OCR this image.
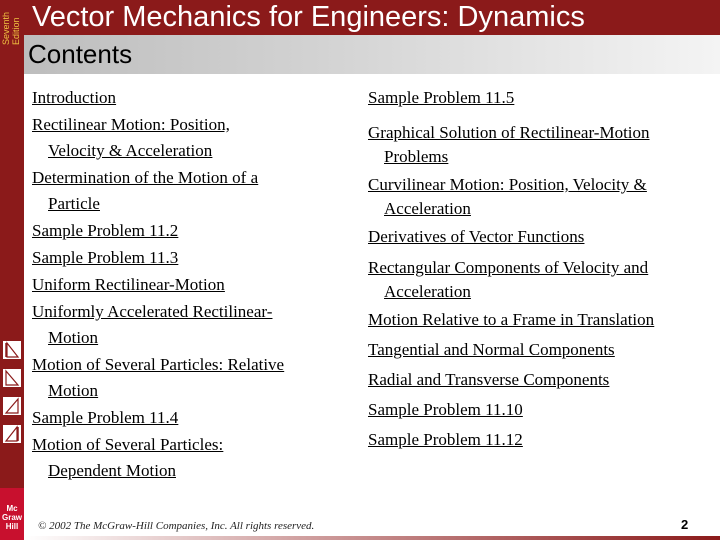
Seventh Edition Vector Mechanics for Engineers: Dynamics
Contents
Mc
Graw
Hill
Introduction
Rectilinear Motion: Position,
Velocity & Acceleration
Determination of the Motion of a
Particle
Sample Problem 11.2
Sample Problem 11.3
Uniform Rectilinear-Motion
Uniformly Accelerated Rectilinear-
Motion
Motion of Several Particles: Relative
Motion
Sample Problem 11.4
Motion of Several Particles:
Dependent Motion
Sample Problem 11.5
Graphical Solution of Rectilinear-Motion
Problems
Curvilinear Motion: Position, Velocity &
Acceleration
Derivatives of Vector Functions
Rectangular Components of Velocity and
Acceleration
Motion Relative to a Frame in Translation
Tangential and Normal Components
Radial and Transverse Components
Sample Problem 11.10
Sample Problem 11.12
© 2002 The McGraw-Hill Companies, Inc. All rights reserved.	2
